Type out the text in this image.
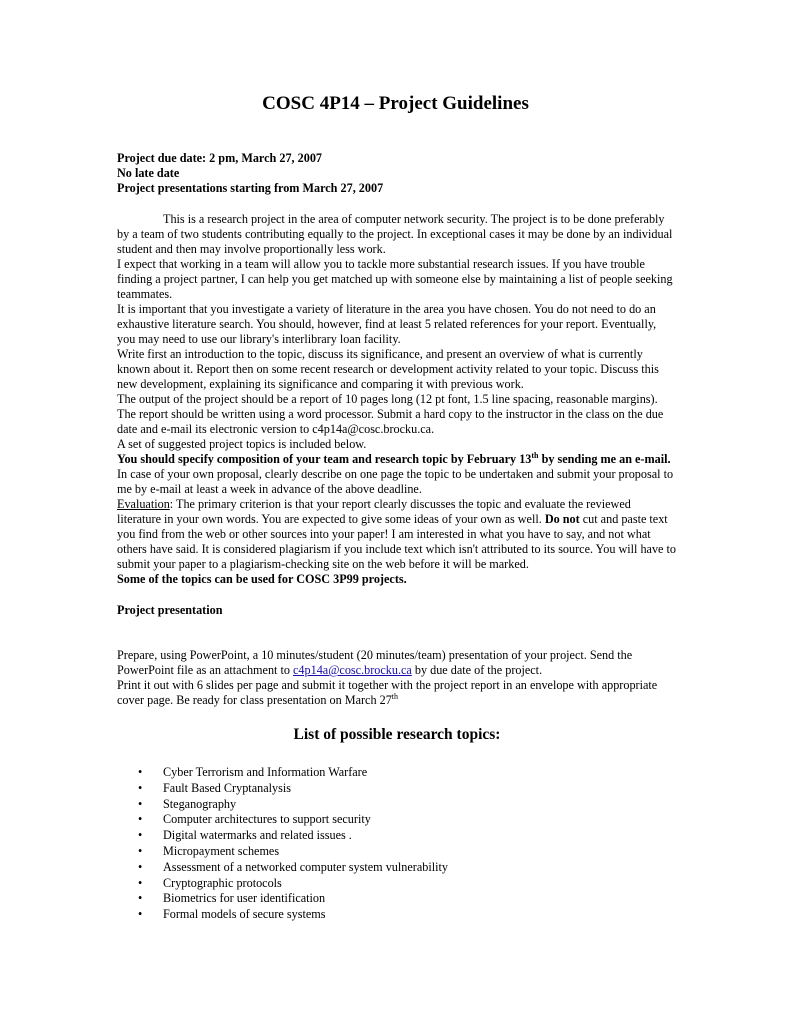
COSC 4P14 – Project Guidelines

Project due date: 2 pm, March 27, 2007

No late date

Project presentations starting from March 27, 2007

This is a research project in the area of computer network security. The project is to be done preferably by a team of two students contributing equally to the project. In exceptional cases it may be done by an individual student and then may involve proportionally less work.

I expect that working in a team will allow you to tackle more substantial research issues. If you have trouble finding a project partner, I can help you get matched up with someone else by maintaining a list of people seeking teammates.

It is important that you investigate a variety of literature in the area you have chosen. You do not need to do an exhaustive literature search. You should, however, find at least 5 related references for your report. Eventually, you may need to use our library's interlibrary loan facility.

Write first an introduction to the topic, discuss its significance, and present an overview of what is currently known about it. Report then on some recent research or development activity related to your topic. Discuss this new development, explaining its significance and comparing it with previous work.

The output of the project should be a report of 10 pages long (12 pt font, 1.5 line spacing, reasonable margins). The report should be written using a word processor. Submit a hard copy to the instructor in the class on the due date and e-mail its electronic version to c4p14a@cosc.brocku.ca.

A set of suggested project topics is included below.

You should specify composition of your team and research topic by February 13th by sending me an e-mail.

In case of your own proposal, clearly describe on one page the topic to be undertaken and submit your proposal to me by e-mail at least a week in advance of the above deadline.

Evaluation: The primary criterion is that your report clearly discusses the topic and evaluate the reviewed literature in your own words. You are expected to give some ideas of your own as well. Do not cut and paste text you find from the web or other sources into your paper! I am interested in what you have to say, and not what others have said. It is considered plagiarism if you include text which isn't attributed to its source. You will have to submit your paper to a plagiarism-checking site on the web before it will be marked.

Some of the topics can be used for COSC 3P99 projects.

Project presentation

Prepare, using PowerPoint, a 10 minutes/student (20 minutes/team) presentation of your project. Send the PowerPoint file as an attachment to c4p14a@cosc.brocku.ca by due date of the project.

Print it out with 6 slides per page and submit it together with the project report in an envelope with appropriate cover page. Be ready for class presentation on March 27th

List of possible research topics:
• Cyber Terrorism and Information Warfare
• Fault Based Cryptanalysis
• Steganography
• Computer architectures to support security
• Digital watermarks and related issues .
• Micropayment schemes
• Assessment of a networked computer system vulnerability
• Cryptographic protocols
• Biometrics for user identification
• Formal models of secure systems
